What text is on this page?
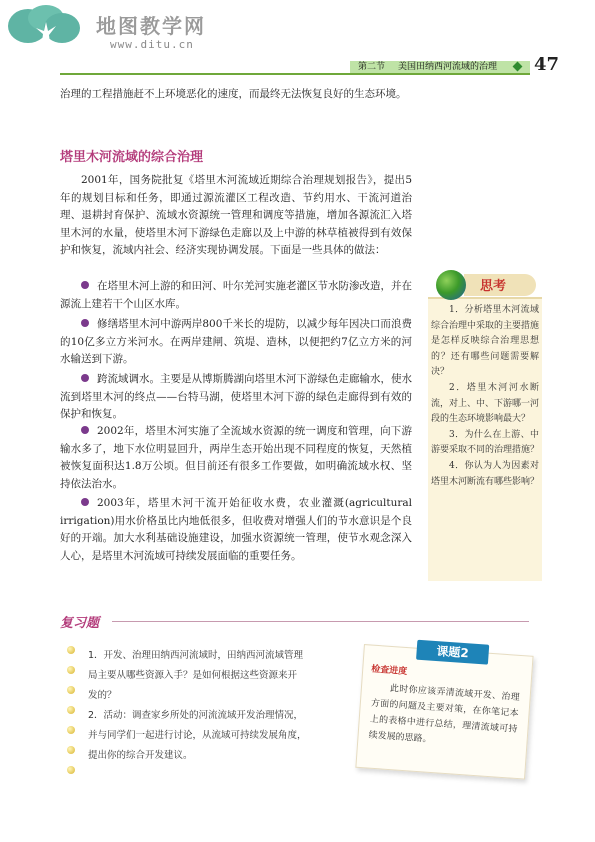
地图教学网
www.ditu.cn
第二节 美国田纳西河流域的治理 47
治理的工程措施赶不上环境恶化的速度，而最终无法恢复良好的生态环境。
塔里木河流域的综合治理
2001年，国务院批复《塔里木河流域近期综合治理规划报告》，提出5年的规划目标和任务，即通过源流灌区工程改造、节约用水、干流河道治理、退耕封育保护、流域水资源统一管理和调度等措施，增加各源流汇入塔里木河的水量，使塔里木河下游绿色走廊以及上中游的林草植被得到有效保护和恢复，流域内社会、经济实现协调发展。下面是一些具体的做法：
在塔里木河上游的和田河、叶尔羌河实施老灌区节水防渗改造，并在源流上建若干个山区水库。
修缮塔里木河中游两岸800千米长的堤防，以减少每年因决口而浪费的10亿多立方米河水。在两岸建闸、筑堤、造林，以便把约7亿立方米的河水输送到下游。
跨流域调水。主要是从博斯腾湖向塔里木河下游绿色走廊输水，使水流到塔里木河的终点——台特马湖，使塔里木河下游的绿色走廊得到有效的保护和恢复。
2002年，塔里木河实施了全流域水资源的统一调度和管理，向下游输水多了，地下水位明显回升，两岸生态开始出现不同程度的恢复，天然植被恢复面积达1.8万公顷。但目前还有很多工作要做，如明确流域水权、坚持依法治水。
2003年，塔里木河干流开始征收水费，农业灌溉(agricultural irrigation)用水价格虽比内地低很多，但收费对增强人们的节水意识是个良好的开端。加大水利基础设施建设，加强水资源统一管理，使节水观念深入人心，是塔里木河流域可持续发展面临的重要任务。
思考
1．分析塔里木河流域综合治理中采取的主要措施是怎样反映综合治理思想的？还有哪些问题需要解决？
2．塔里木河河水断流，对上、中、下游哪一河段的生态环境影响最大？
3．为什么在上游、中游要采取不同的治理措施？
4．你认为人为因素对塔里木河断流有哪些影响？
复习题
1．开发、治理田纳西河流域时，田纳西河流域管理
局主要从哪些资源入手？是如何根据这些资源来开
发的？
2．活动：调查家乡所处的河流流域开发治理情况，
并与同学们一起进行讨论，从流域可持续发展角度，
提出你的综合开发建议。
课题2
检查进度
此时你应该弄清流域开发、治理方面的问题及主要对策，在你笔记本上的表格中进行总结，理清流域可持续发展的思路。
